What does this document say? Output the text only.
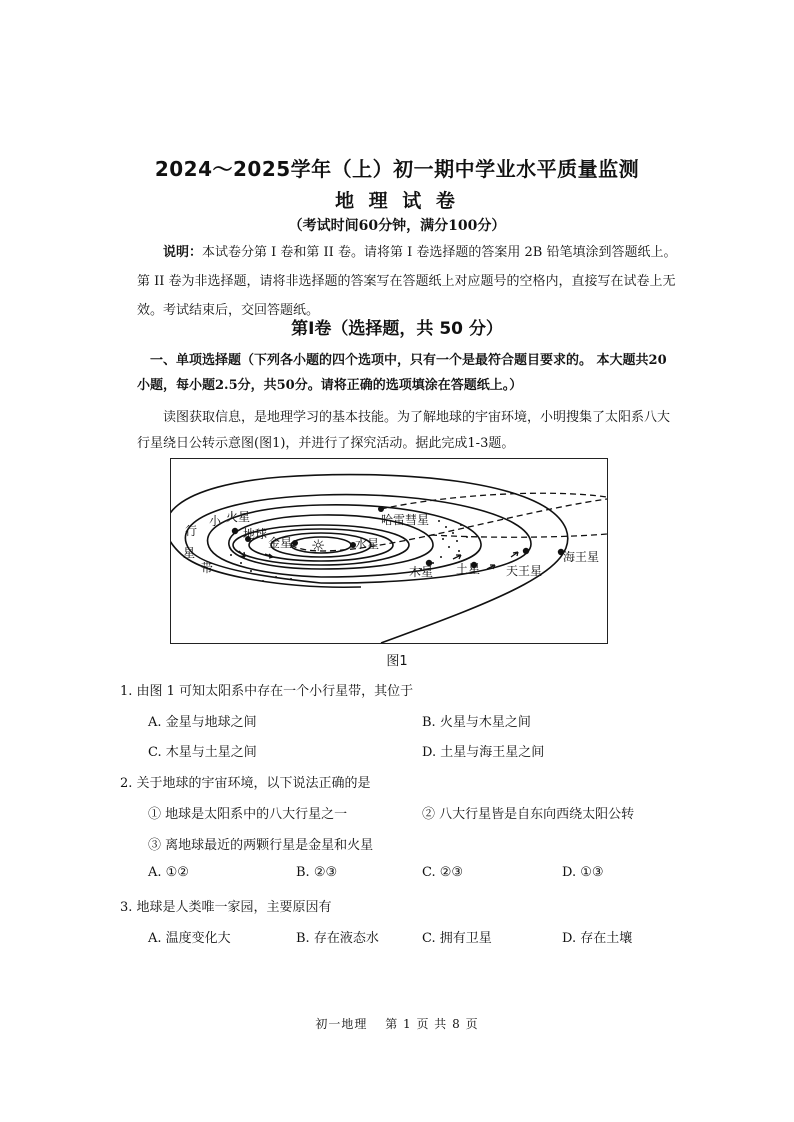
2024～2025学年（上）初一期中学业水平质量监测
地 理 试 卷
（考试时间60分钟，满分100分）
说明：本试卷分第 I 卷和第 II 卷。请将第 I 卷选择题的答案用 2B 铅笔填涂到答题纸上。第 II 卷为非选择题，请将非选择题的答案写在答题纸上对应题号的空格内，直接写在试卷上无效。考试结束后，交回答题纸。
第Ⅰ卷（选择题，共 50 分）
一、单项选择题（下列各小题的四个选项中，只有一个是最符合题目要求的。 本大题共20小题，每小题2.5分，共50分。请将正确的选项填涂在答题纸上。）
读图获取信息，是地理学习的基本技能。为了解地球的宇宙环境，小明搜集了太阳系八大行星绕日公转示意图(图1)，并进行了探究活动。据此完成1-3题。
小 火星	哈雷彗星
行	地球
金星 ☼ 水星
星
带	木星 土星 天王星
海王星
图1
1. 由图 1 可知太阳系中存在一个小行星带，其位于
A. 金星与地球之间	B. 火星与木星之间
C. 木星与土星之间	D. 土星与海王星之间
2. 关于地球的宇宙环境，以下说法正确的是
① 地球是太阳系中的八大行星之一	② 八大行星皆是自东向西绕太阳公转
③ 离地球最近的两颗行星是金星和火星
A. ①②	B. ②③	C. ②③	D. ①③
3. 地球是人类唯一家园，主要原因有
A. 温度变化大	B. 存在液态水	C. 拥有卫星	D. 存在土壤
初一地理　 第 1 页 共 8 页
